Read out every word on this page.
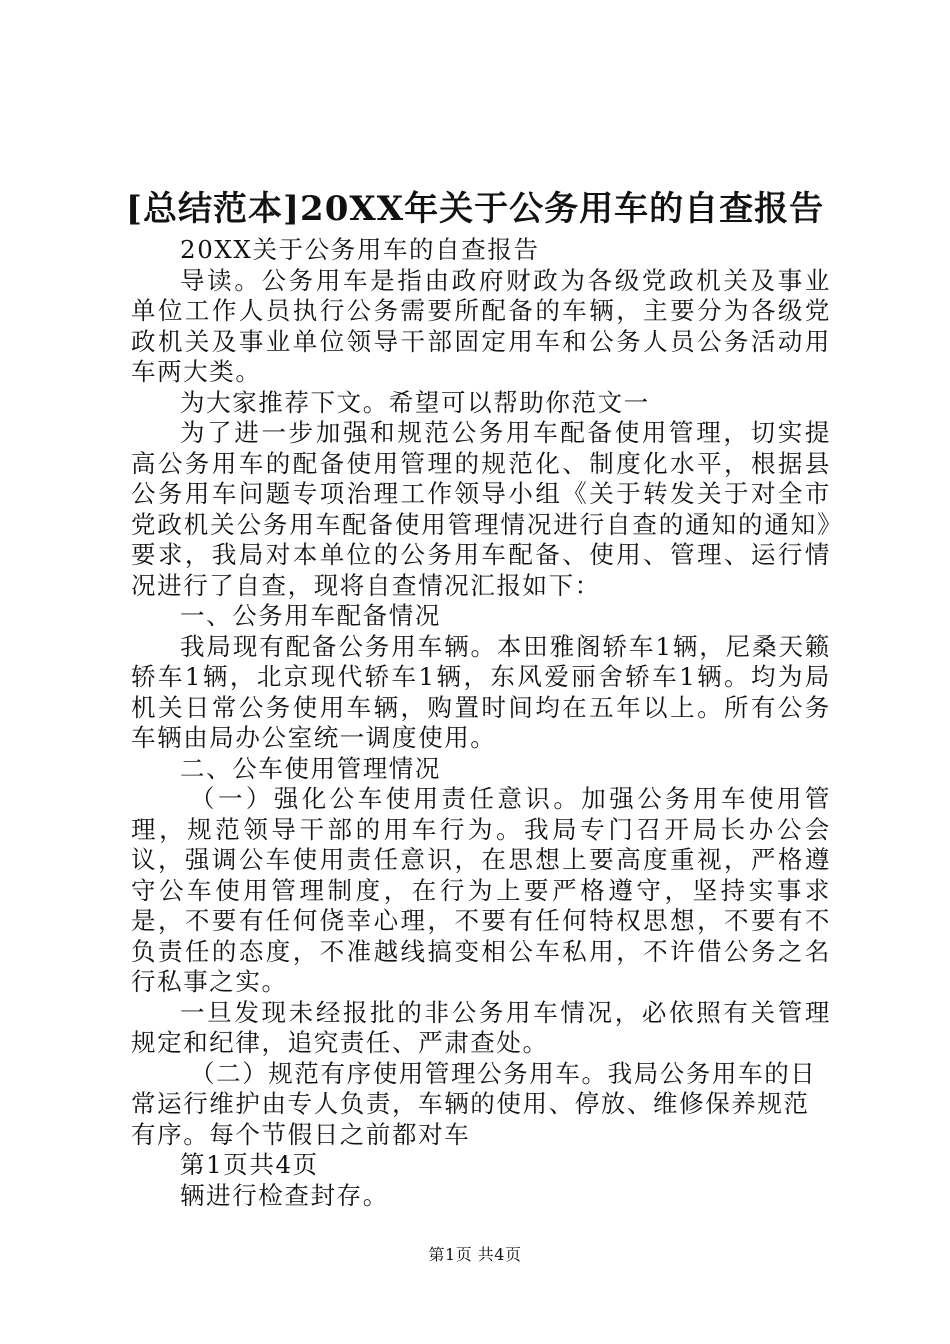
[总结范本]20XX年关于公务用车的自查报告

20XX关于公务用车的自查报告

导读。公务用车是指由政府财政为各级党政机关及事业单位工作人员执行公务需要所配备的车辆，主要分为各级党政机关及事业单位领导干部固定用车和公务人员公务活动用车两大类。

为大家推荐下文。希望可以帮助你范文一

为了进一步加强和规范公务用车配备使用管理，切实提高公务用车的配备使用管理的规范化、制度化水平，根据县公务用车问题专项治理工作领导小组《关于转发关于对全市党政机关公务用车配备使用管理情况进行自查的通知的通知》要求，我局对本单位的公务用车配备、使用、管理、运行情况进行了自查，现将自查情况汇报如下：

一、公务用车配备情况

我局现有配备公务用车辆。本田雅阁轿车1辆，尼桑天籁轿车1辆，北京现代轿车1辆，东风爱丽舍轿车1辆。均为局机关日常公务使用车辆，购置时间均在五年以上。所有公务车辆由局办公室统一调度使用。

二、公车使用管理情况

（一）强化公车使用责任意识。加强公务用车使用管理，规范领导干部的用车行为。我局专门召开局长办公会议，强调公车使用责任意识，在思想上要高度重视，严格遵守公车使用管理制度，在行为上要严格遵守，坚持实事求是，不要有任何侥幸心理，不要有任何特权思想，不要有不负责任的态度，不准越线搞变相公车私用，不许借公务之名行私事之实。

一旦发现未经报批的非公务用车情况，必依照有关管理规定和纪律，追究责任、严肃查处。

（二）规范有序使用管理公务用车。我局公务用车的日常运行维护由专人负责，车辆的使用、停放、维修保养规范有序。每个节假日之前都对车

第1页共4页

辆进行检查封存。

第1页 共4页
